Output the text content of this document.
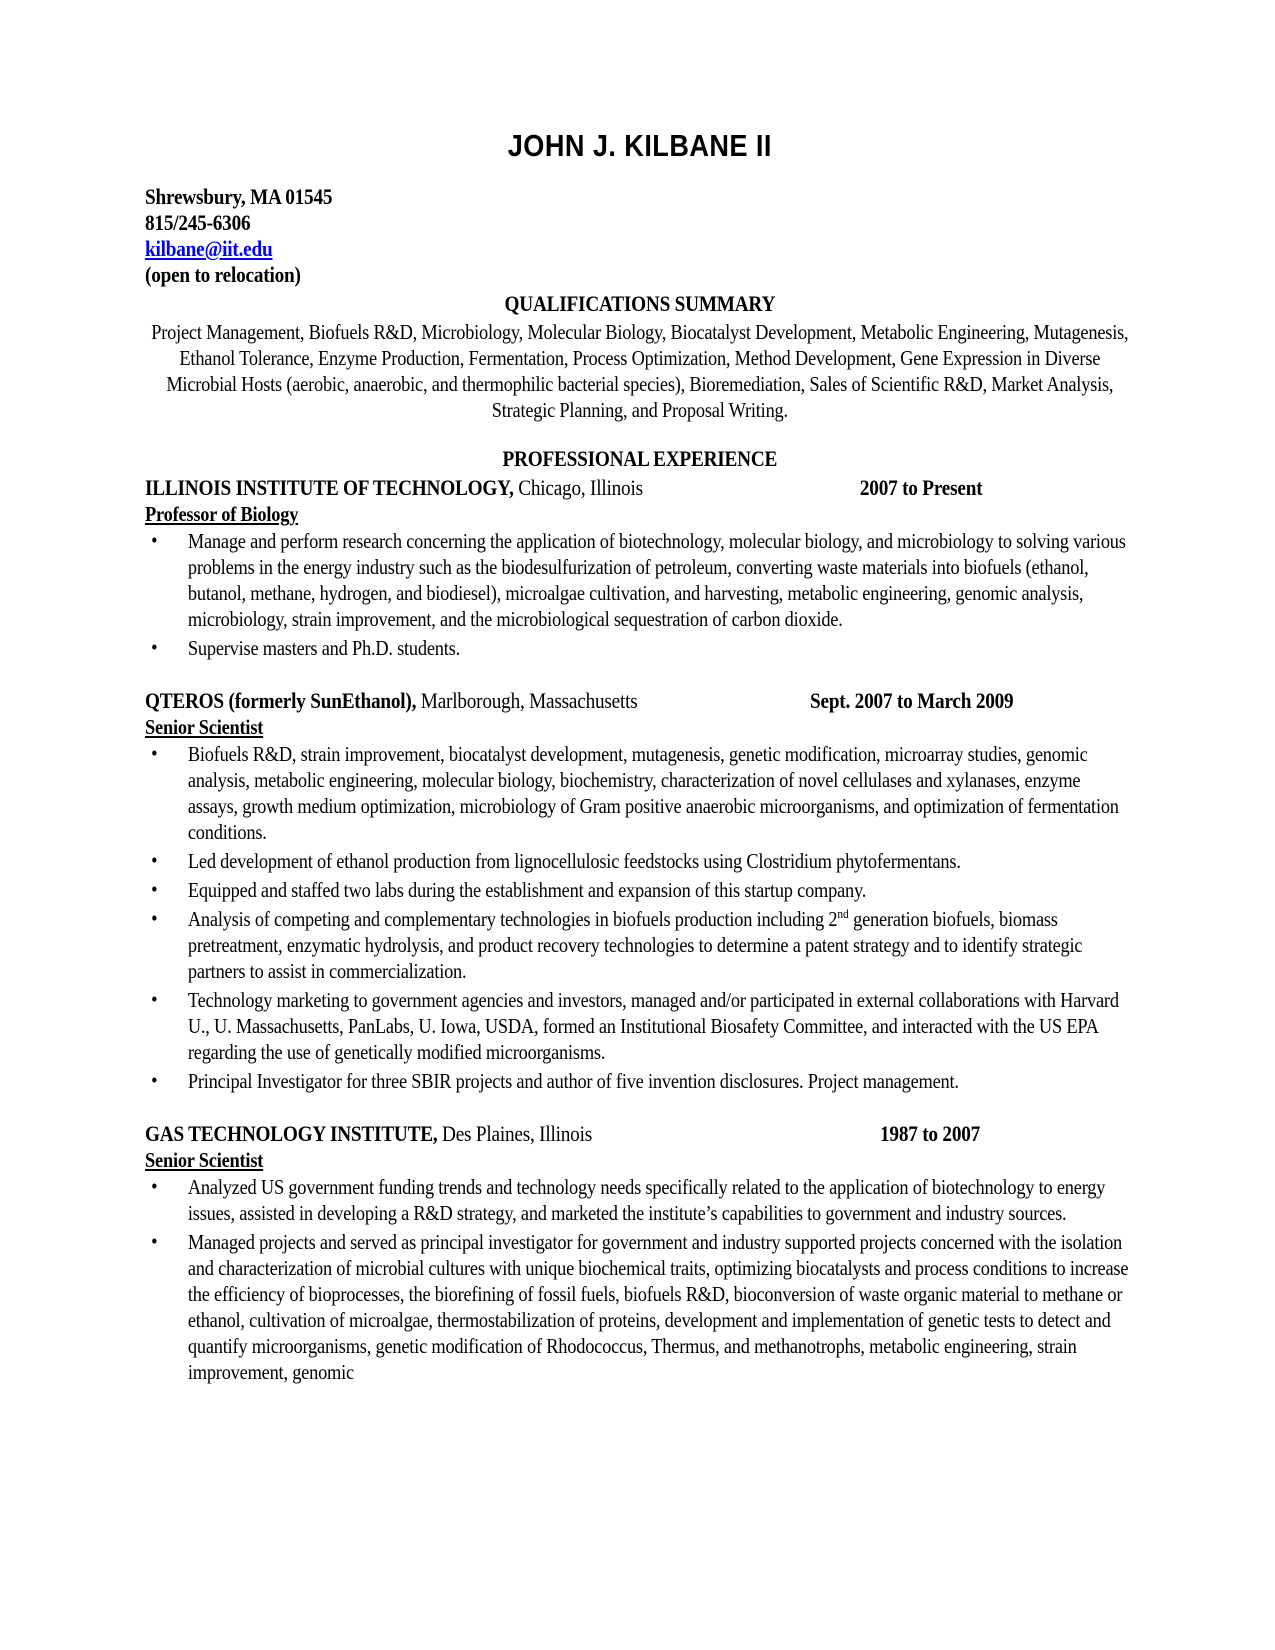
JOHN J. KILBANE II

Shrewsbury, MA 01545

815/245-6306

kilbane@iit.edu

(open to relocation)

QUALIFICATIONS SUMMARY

Project Management, Biofuels R&D, Microbiology, Molecular Biology, Biocatalyst Development, Metabolic Engineering, Mutagenesis, Ethanol Tolerance, Enzyme Production, Fermentation, Process Optimization, Method Development, Gene Expression in Diverse Microbial Hosts (aerobic, anaerobic, and thermophilic bacterial species), Bioremediation, Sales of Scientific R&D, Market Analysis, Strategic Planning, and Proposal Writing.

PROFESSIONAL EXPERIENCE
ILLINOIS INSTITUTE OF TECHNOLOGY, Chicago, Illinois	2007 to Present
Professor of Biology
• Manage and perform research concerning the application of biotechnology, molecular biology, and microbiology to solving various problems in the energy industry such as the biodesulfurization of petroleum, converting waste materials into biofuels (ethanol, butanol, methane, hydrogen, and biodiesel), microalgae cultivation, and harvesting, metabolic engineering, genomic analysis, microbiology, strain improvement, and the microbiological sequestration of carbon dioxide.
• Supervise masters and Ph.D. students.
QTEROS (formerly SunEthanol), Marlborough, Massachusetts	Sept. 2007 to March 2009
Senior Scientist
• Biofuels R&D, strain improvement, biocatalyst development, mutagenesis, genetic modification, microarray studies, genomic analysis, metabolic engineering, molecular biology, biochemistry, characterization of novel cellulases and xylanases, enzyme assays, growth medium optimization, microbiology of Gram positive anaerobic microorganisms, and optimization of fermentation conditions.
• Led development of ethanol production from lignocellulosic feedstocks using Clostridium phytofermentans.
• Equipped and staffed two labs during the establishment and expansion of this startup company.
• Analysis of competing and complementary technologies in biofuels production including 2nd generation biofuels, biomass pretreatment, enzymatic hydrolysis, and product recovery technologies to determine a patent strategy and to identify strategic partners to assist in commercialization.
• Technology marketing to government agencies and investors, managed and/or participated in external collaborations with Harvard U., U. Massachusetts, PanLabs, U. Iowa, USDA, formed an Institutional Biosafety Committee, and interacted with the US EPA regarding the use of genetically modified microorganisms.
• Principal Investigator for three SBIR projects and author of five invention disclosures. Project management.
GAS TECHNOLOGY INSTITUTE, Des Plaines, Illinois	1987 to 2007
Senior Scientist
• Analyzed US government funding trends and technology needs specifically related to the application of biotechnology to energy issues, assisted in developing a R&D strategy, and marketed the institute’s capabilities to government and industry sources.
• Managed projects and served as principal investigator for government and industry supported projects concerned with the isolation and characterization of microbial cultures with unique biochemical traits, optimizing biocatalysts and process conditions to increase the efficiency of bioprocesses, the biorefining of fossil fuels, biofuels R&D, bioconversion of waste organic material to methane or ethanol, cultivation of microalgae, thermostabilization of proteins, development and implementation of genetic tests to detect and quantify microorganisms, genetic modification of Rhodococcus, Thermus, and methanotrophs, metabolic engineering, strain improvement, genomic
